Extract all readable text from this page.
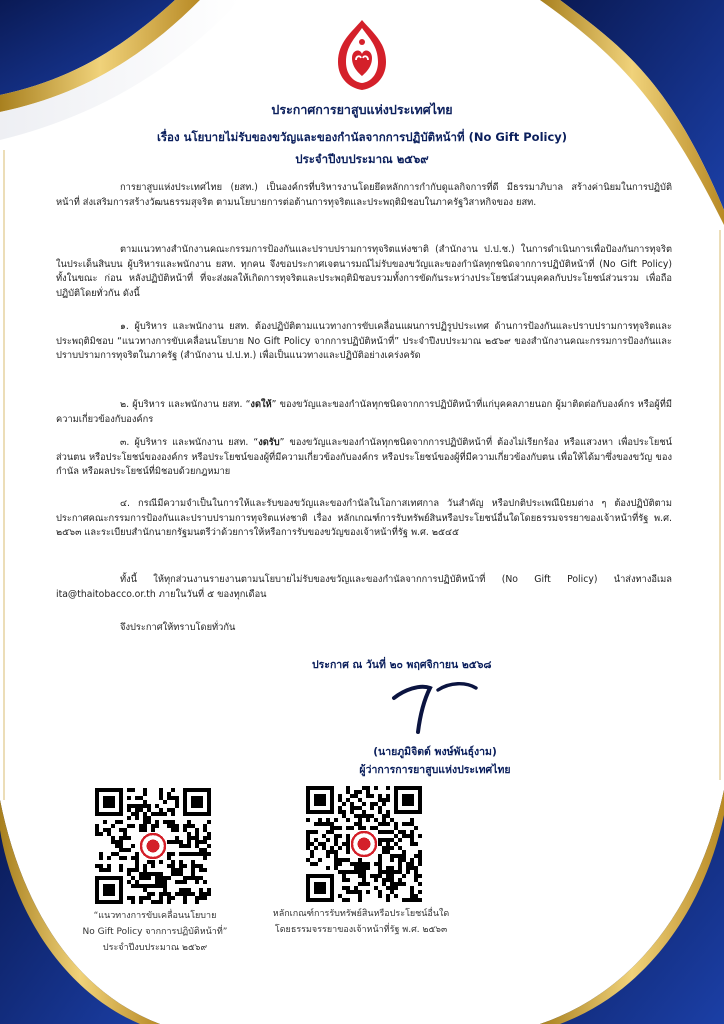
ประกาศการยาสูบแห่งประเทศไทย
เรื่อง นโยบายไม่รับของขวัญและของกำนัลจากการปฏิบัติหน้าที่ (No Gift Policy)
ประจำปีงบประมาณ ๒๕๖๙
การยาสูบแห่งประเทศไทย (ยสท.) เป็นองค์กรที่บริหารงานโดยยึดหลักการกำกับดูแลกิจการที่ดี มีธรรมาภิบาล สร้างค่านิยมในการปฏิบัติหน้าที่ ส่งเสริมการสร้างวัฒนธรรมสุจริต ตามนโยบายการต่อต้านการทุจริตและประพฤติมิชอบในภาครัฐวิสาหกิจของ ยสท.
ตามแนวทางสำนักงานคณะกรรมการป้องกันและปราบปรามการทุจริตแห่งชาติ (สำนักงาน ป.ป.ช.) ในการดำเนินการเพื่อป้องกันการทุจริตในประเด็นสินบน ผู้บริหารและพนักงาน ยสท. ทุกคน จึงขอประกาศเจตนารมณ์ไม่รับของขวัญและของกำนัลทุกชนิดจากการปฏิบัติหน้าที่ (No Gift Policy) ทั้งในขณะ ก่อน หลังปฏิบัติหน้าที่ ที่จะส่งผลให้เกิดการทุจริตและประพฤติมิชอบรวมทั้งการขัดกันระหว่างประโยชน์ส่วนบุคคลกับประโยชน์ส่วนรวม เพื่อถือปฏิบัติโดยทั่วกัน ดังนี้
๑. ผู้บริหาร และพนักงาน ยสท. ต้องปฏิบัติตามแนวทางการขับเคลื่อนแผนการปฏิรูปประเทศ ด้านการป้องกันและปราบปรามการทุจริตและประพฤติมิชอบ “แนวทางการขับเคลื่อนนโยบาย No Gift Policy จากการปฏิบัติหน้าที่” ประจำปีงบประมาณ ๒๕๖๙ ของสำนักงานคณะกรรมการป้องกันและปราบปรามการทุจริตในภาครัฐ (สำนักงาน ป.ป.ท.) เพื่อเป็นแนวทางและปฏิบัติอย่างเคร่งครัด
๒. ผู้บริหาร และพนักงาน ยสท. “งดให้” ของขวัญและของกำนัลทุกชนิดจากการปฏิบัติหน้าที่แก่บุคคลภายนอก ผู้มาติดต่อกับองค์กร หรือผู้ที่มีความเกี่ยวข้องกับองค์กร
๓. ผู้บริหาร และพนักงาน ยสท. “งดรับ” ของขวัญและของกำนัลทุกชนิดจากการปฏิบัติหน้าที่ ต้องไม่เรียกร้อง หรือแสวงหา เพื่อประโยชน์ส่วนตน หรือประโยชน์ขององค์กร หรือประโยชน์ของผู้ที่มีความเกี่ยวข้องกับองค์กร หรือประโยชน์ของผู้ที่มีความเกี่ยวข้องกับตน เพื่อให้ได้มาซึ่งของขวัญ ของกำนัล หรือผลประโยชน์ที่มิชอบด้วยกฎหมาย
๔. กรณีมีความจำเป็นในการให้และรับของขวัญและของกำนัลในโอกาสเทศกาล วันสำคัญ หรือปกติประเพณีนิยมต่าง ๆ ต้องปฏิบัติตามประกาศคณะกรรมการป้องกันและปราบปรามการทุจริตแห่งชาติ เรื่อง หลักเกณฑ์การรับทรัพย์สินหรือประโยชน์อื่นใดโดยธรรมจรรยาของเจ้าหน้าที่รัฐ พ.ศ. ๒๕๖๓ และระเบียบสำนักนายกรัฐมนตรีว่าด้วยการให้หรือการรับของขวัญของเจ้าหน้าที่รัฐ พ.ศ. ๒๕๔๕
ทั้งนี้ ให้ทุกส่วนงานรายงานตามนโยบายไม่รับของขวัญและของกำนัลจากการปฏิบัติหน้าที่ (No Gift Policy) นำส่งทางอีเมล ita@thaitobacco.or.th ภายในวันที่ ๕ ของทุกเดือน
จึงประกาศให้ทราบโดยทั่วกัน
ประกาศ ณ วันที่ ๒๐ พฤศจิกายน ๒๕๖๘
(นายภูมิจิตต์ พงษ์พันธุ์งาม)
ผู้ว่าการการยาสูบแห่งประเทศไทย
“แนวทางการขับเคลื่อนนโยบาย
No Gift Policy จากการปฏิบัติหน้าที่”
ประจำปีงบประมาณ ๒๕๖๙
หลักเกณฑ์การรับทรัพย์สินหรือประโยชน์อื่นใด
โดยธรรมจรรยาของเจ้าหน้าที่รัฐ พ.ศ. ๒๕๖๓
